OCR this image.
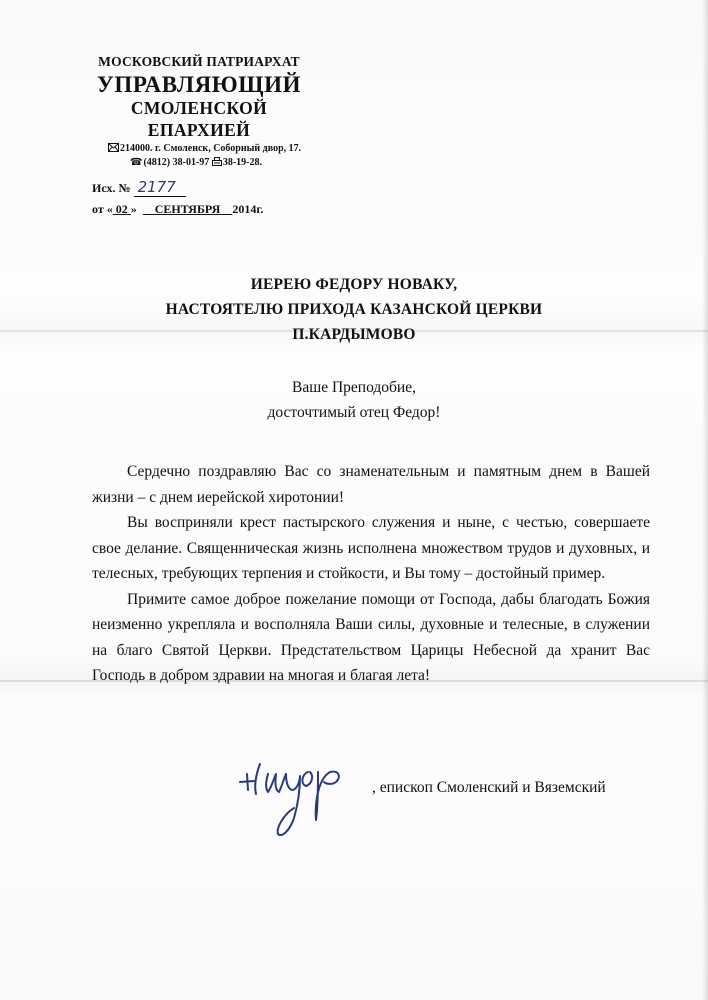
МОСКОВСКИЙ ПАТРИАРХАТ
УПРАВЛЯЮЩИЙ
СМОЛЕНСКОЙ
ЕПАРХИЕЙ
214000. г. Смоленск, Соборный двор, 17.
☎(4812) 38-01-97 38-19-28.
Исх. № 2177
от « 02 » СЕНТЯБРЯ 2014г.
ИЕРЕЮ ФЕДОРУ НОВАКУ,
НАСТОЯТЕЛЮ ПРИХОДА КАЗАНСКОЙ ЦЕРКВИ
П.КАРДЫМОВО
Ваше Преподобие,
досточтимый отец Федор!

Сердечно поздравляю Вас со знаменательным и памятным днем в Вашей жизни – с днем иерейской хиротонии!

Вы восприняли крест пастырского служения и ныне, с честью, совершаете свое делание. Священническая жизнь исполнена множеством трудов и духовных, и телесных, требующих терпения и стойкости, и Вы тому – достойный пример.

Примите самое доброе пожелание помощи от Господа, дабы благодать Божия неизменно укрепляла и восполняла Ваши силы, духовные и телесные, в служении на благо Святой Церкви. Предстательством Царицы Небесной да хранит Вас Господь в добром здравии на многая и благая лета!

, епископ Смоленский и Вяземский
